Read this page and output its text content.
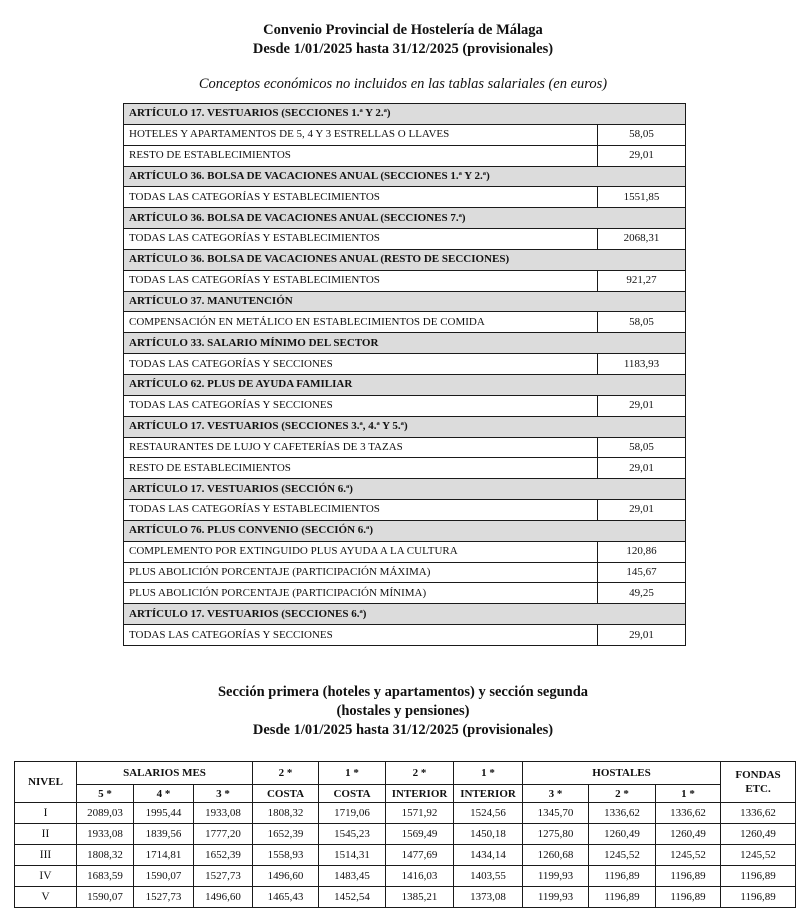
Convenio Provincial de Hostelería de Málaga
Desde 1/01/2025 hasta 31/12/2025 (provisionales)
Conceptos económicos no incluidos en las tablas salariales (en euros)
ARTÍCULO 17. VESTUARIOS (SECCIONES 1.ª Y 2.ª)	
HOTELES Y APARTAMENTOS DE 5, 4 Y 3 ESTRELLAS O LLAVES	58,05
RESTO DE ESTABLECIMIENTOS	29,01
ARTÍCULO 36. BOLSA DE VACACIONES ANUAL (SECCIONES 1.ª Y 2.ª)	
TODAS LAS CATEGORÍAS Y ESTABLECIMIENTOS	1551,85
ARTÍCULO 36. BOLSA DE VACACIONES ANUAL (SECCIONES 7.ª)	
TODAS LAS CATEGORÍAS Y ESTABLECIMIENTOS	2068,31
ARTÍCULO 36. BOLSA DE VACACIONES ANUAL (RESTO DE SECCIONES)	
TODAS LAS CATEGORÍAS Y ESTABLECIMIENTOS	921,27
ARTÍCULO 37. MANUTENCIÓN	
COMPENSACIÓN EN METÁLICO EN ESTABLECIMIENTOS DE COMIDA	58,05
ARTÍCULO 33. SALARIO MÍNIMO DEL SECTOR	
TODAS LAS CATEGORÍAS Y SECCIONES	1183,93
ARTÍCULO 62. PLUS DE AYUDA FAMILIAR	
TODAS LAS CATEGORÍAS Y SECCIONES	29,01
ARTÍCULO 17. VESTUARIOS (SECCIONES 3.ª, 4.ª Y 5.ª)	
RESTAURANTES DE LUJO Y CAFETERÍAS DE 3 TAZAS	58,05
RESTO DE ESTABLECIMIENTOS	29,01
ARTÍCULO 17. VESTUARIOS (SECCIÓN 6.ª)	
TODAS LAS CATEGORÍAS Y ESTABLECIMIENTOS	29,01
ARTÍCULO 76. PLUS CONVENIO (SECCIÓN 6.ª)	
COMPLEMENTO POR EXTINGUIDO PLUS AYUDA A LA CULTURA	120,86
PLUS ABOLICIÓN PORCENTAJE (PARTICIPACIÓN MÁXIMA)	145,67
PLUS ABOLICIÓN PORCENTAJE (PARTICIPACIÓN MÍNIMA)	49,25
ARTÍCULO 17. VESTUARIOS (SECCIONES 6.ª)	
TODAS LAS CATEGORÍAS Y SECCIONES	29,01
Sección primera (hoteles y apartamentos) y sección segunda
(hostales y pensiones)
Desde 1/01/2025 hasta 31/12/2025 (provisionales)
NIVEL	SALARIOS MES			2 *	1 *	2 *	1 *	HOSTALES			FONDAS ETC.
	5 *	4 *	3 *	COSTA	COSTA	INTERIOR	INTERIOR	3 *	2 *	1 *	
I	2089,03	1995,44	1933,08	1808,32	1719,06	1571,92	1524,56	1345,70	1336,62	1336,62	1336,62
II	1933,08	1839,56	1777,20	1652,39	1545,23	1569,49	1450,18	1275,80	1260,49	1260,49	1260,49
III	1808,32	1714,81	1652,39	1558,93	1514,31	1477,69	1434,14	1260,68	1245,52	1245,52	1245,52
IV	1683,59	1590,07	1527,73	1496,60	1483,45	1416,03	1403,55	1199,93	1196,89	1196,89	1196,89
V	1590,07	1527,73	1496,60	1465,43	1452,54	1385,21	1373,08	1199,93	1196,89	1196,89	1196,89
